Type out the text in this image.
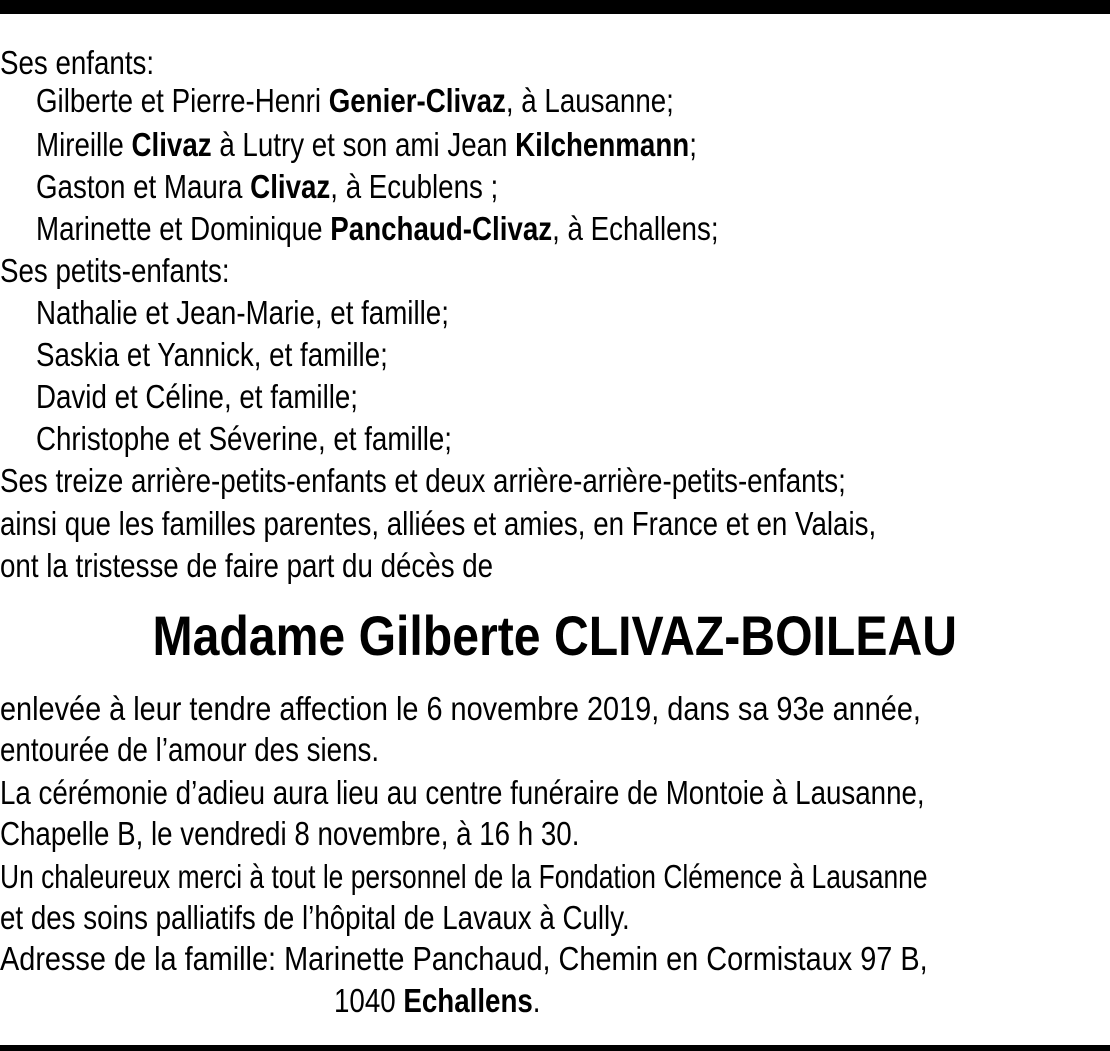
Ses enfants:
Gilberte et Pierre-Henri Genier-Clivaz, à Lausanne;
Mireille Clivaz à Lutry et son ami Jean Kilchenmann;
Gaston et Maura Clivaz, à Ecublens ;
Marinette et Dominique Panchaud-Clivaz, à Echallens;
Ses petits-enfants:
Nathalie et Jean-Marie, et famille;
Saskia et Yannick, et famille;
David et Céline, et famille;
Christophe et Séverine, et famille;
Ses treize arrière-petits-enfants et deux arrière-arrière-petits-enfants;
ainsi que les familles parentes, alliées et amies, en France et en Valais,
ont la tristesse de faire part du décès de
Madame Gilberte CLIVAZ-BOILEAU
enlevée à leur tendre affection le 6 novembre 2019, dans sa 93e année,
entourée de l’amour des siens.
La cérémonie d’adieu aura lieu au centre funéraire de Montoie à Lausanne,
Chapelle B, le vendredi 8 novembre, à 16 h 30.
Un chaleureux merci à tout le personnel de la Fondation Clémence à Lausanne
et des soins palliatifs de l’hôpital de Lavaux à Cully.
Adresse de la famille: Marinette Panchaud, Chemin en Cormistaux 97 B,
1040 Echallens.
